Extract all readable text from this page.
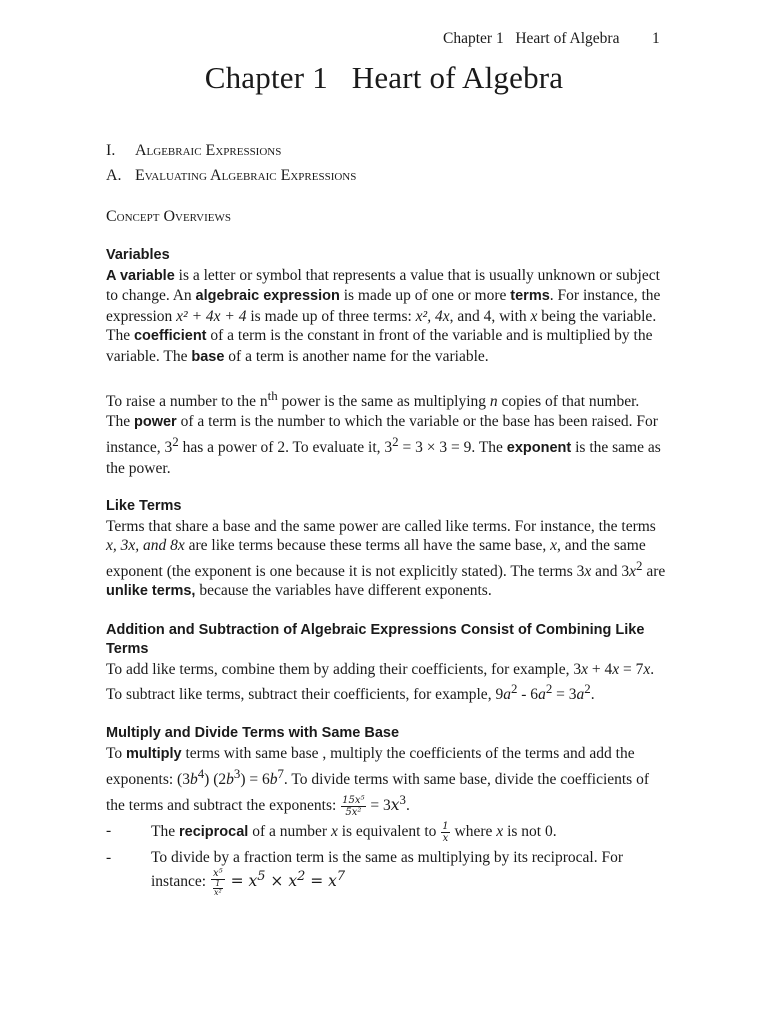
Chapter 1   Heart of Algebra 1
Chapter 1   Heart of Algebra
I. Algebraic Expressions
A. Evaluating Algebraic Expressions
Concept Overviews

Variables

A variable is a letter or symbol that represents a value that is usually unknown or subject to change. An algebraic expression is made up of one or more terms. For instance, the expression x² + 4x + 4 is made up of three terms: x², 4x, and 4, with x being the variable. The coefficient of a term is the constant in front of the variable and is multiplied by the variable. The base of a term is another name for the variable.

To raise a number to the $n^{th}$ power is the same as multiplying n copies of that number. The power of a term is the number to which the variable or the base has been raised. For instance, $3^2$ has a power of 2. To evaluate it, $3^2 = 3 \times 3 = 9$. The exponent is the same as the power.

Like Terms

Terms that share a base and the same power are called like terms. For instance, the terms x, 3x, and 8x are like terms because these terms all have the same base, x, and the same exponent (the exponent is one because it is not explicitly stated). The terms 3x and $3x^2$ are unlike terms, because the variables have different exponents.

Addition and Subtraction of Algebraic Expressions Consist of Combining Like Terms

To add like terms, combine them by adding their coefficients, for example, 3x + 4x = 7x. To subtract like terms, subtract their coefficients, for example, $9a^2 - 6a^2 = 3a^2$.

Multiply and Divide Terms with Same Base

To multiply terms with same base , multiply the coefficients of the terms and add the exponents: $(3b^4) (2b^3) = 6b^7$. To divide terms with same base, divide the coefficients of the terms and subtract the exponents: $\frac{\text{15x⁵}}{\text{5x²}} = 3x^3$.

-	The reciprocal of a number x is equivalent to $\frac{1}{x}$ where x is not 0.
-	To divide by a fraction term is the same as multiplying by its reciprocal. For instance: $\frac{\text{x⁵}}{\frac{1}{\text{x²}}} = x^5 \times x^2 = x^7$
